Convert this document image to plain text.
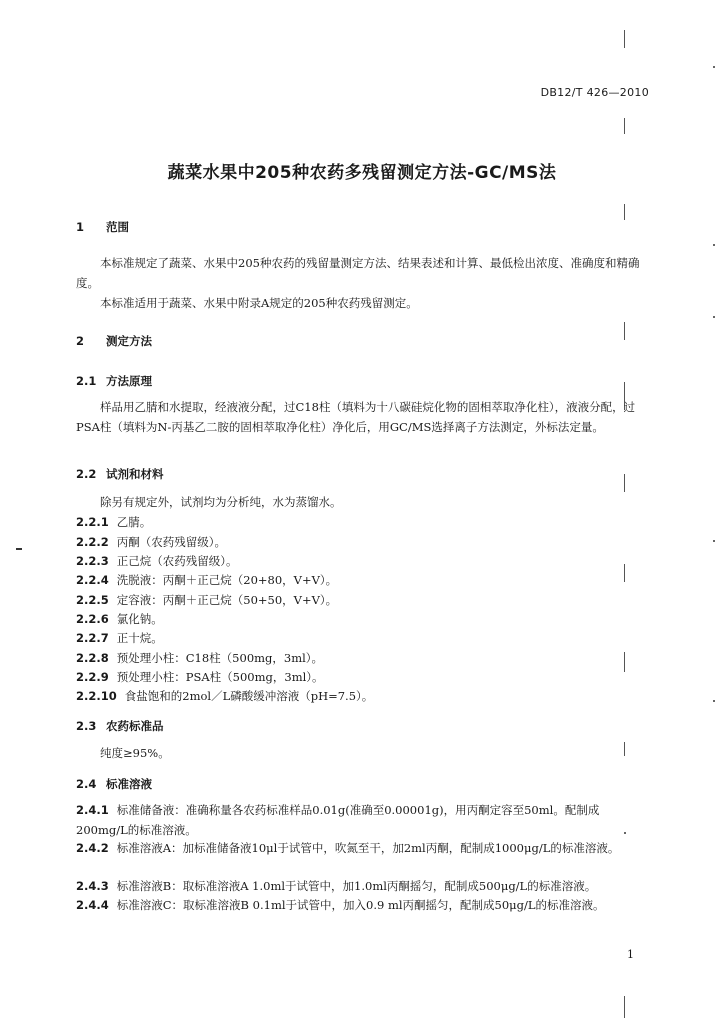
DB12/T 426—2010
蔬菜水果中205种农药多残留测定方法-GC/MS法
1 范围
本标准规定了蔬菜、水果中205种农药的残留量测定方法、结果表述和计算、最低检出浓度、准确度和精确度。
本标准适用于蔬菜、水果中附录A规定的205种农药残留测定。
2 测定方法
2.1 方法原理
样品用乙腈和水提取，经液液分配，过C18柱（填料为十八碳硅烷化物的固相萃取净化柱），液液分配，过PSA柱（填料为N-丙基乙二胺的固相萃取净化柱）净化后，用GC/MS选择离子方法测定，外标法定量。
2.2 试剂和材料
除另有规定外，试剂均为分析纯，水为蒸馏水。
2.2.1 乙腈。
2.2.2 丙酮（农药残留级）。
2.2.3 正己烷（农药残留级）。
2.2.4 洗脱液：丙酮＋正己烷（20+80，V+V）。
2.2.5 定容液：丙酮＋正己烷（50+50，V+V）。
2.2.6 氯化钠。
2.2.7 正十烷。
2.2.8 预处理小柱：C18柱（500mg，3ml）。
2.2.9 预处理小柱：PSA柱（500mg，3ml）。
2.2.10 食盐饱和的2mol／L磷酸缓冲溶液（pH=7.5）。
2.3 农药标准品
纯度≥95%。
2.4 标准溶液
2.4.1 标准储备液：准确称量各农药标准样品0.01g(准确至0.00001g)，用丙酮定容至50ml。配制成200mg/L的标准溶液。
2.4.2 标准溶液A：加标准储备液10μl于试管中，吹氮至干，加2ml丙酮，配制成1000μg/L的标准溶液。
2.4.3 标准溶液B：取标准溶液A 1.0ml于试管中，加1.0ml丙酮摇匀，配制成500μg/L的标准溶液。
2.4.4 标准溶液C：取标准溶液B 0.1ml于试管中，加入0.9 ml丙酮摇匀，配制成50μg/L的标准溶液。
1
